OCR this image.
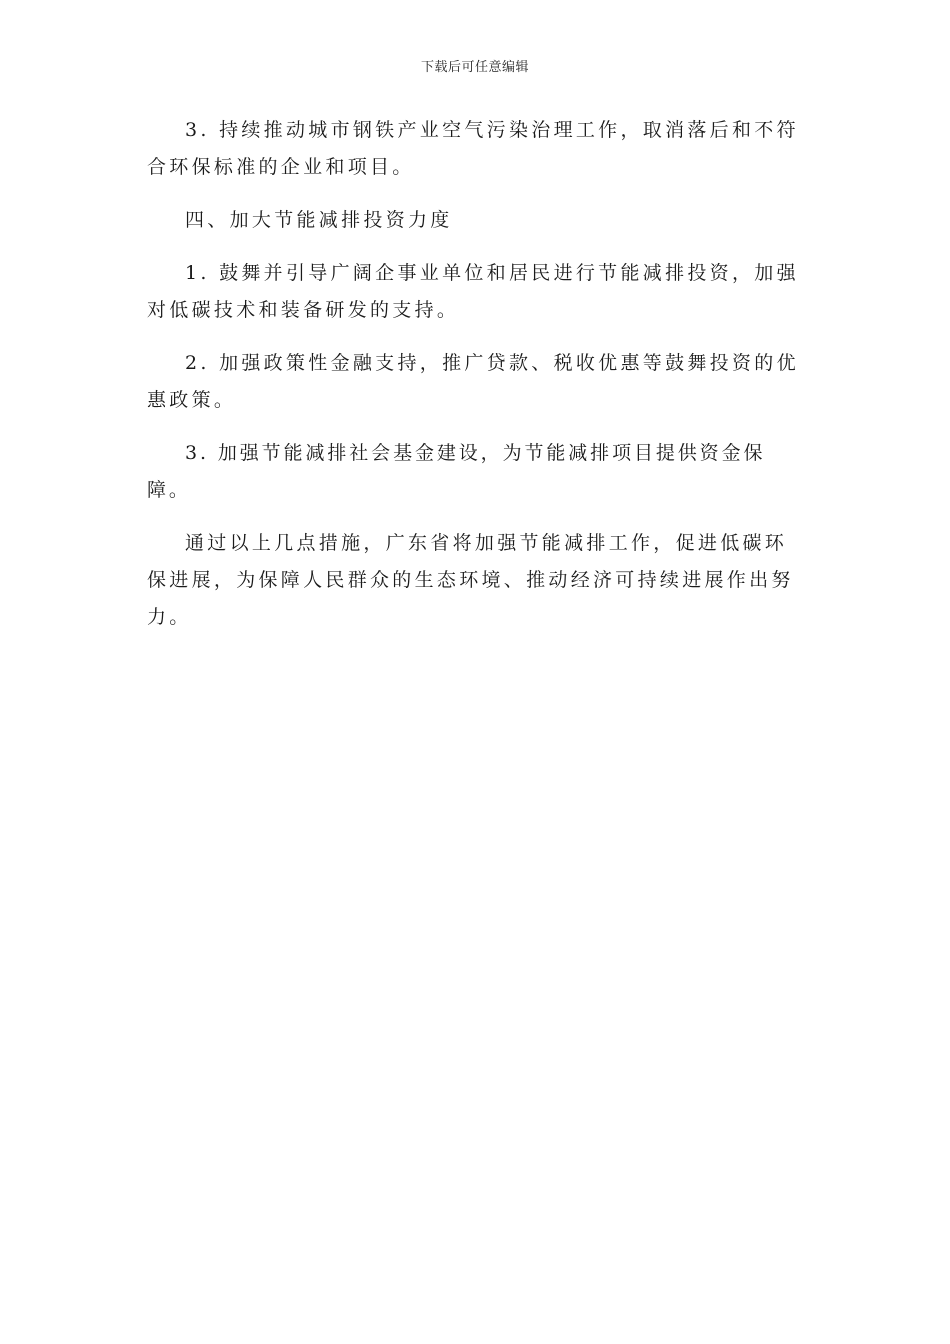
下载后可任意编辑

3. 持续推动城市钢铁产业空气污染治理工作，取消落后和不符合环保标准的企业和项目。

四、加大节能减排投资力度

1. 鼓舞并引导广阔企事业单位和居民进行节能减排投资，加强对低碳技术和装备研发的支持。

2. 加强政策性金融支持，推广贷款、税收优惠等鼓舞投资的优惠政策。

3. 加强节能减排社会基金建设，为节能减排项目提供资金保障。

通过以上几点措施，广东省将加强节能减排工作，促进低碳环保进展，为保障人民群众的生态环境、推动经济可持续进展作出努力。
